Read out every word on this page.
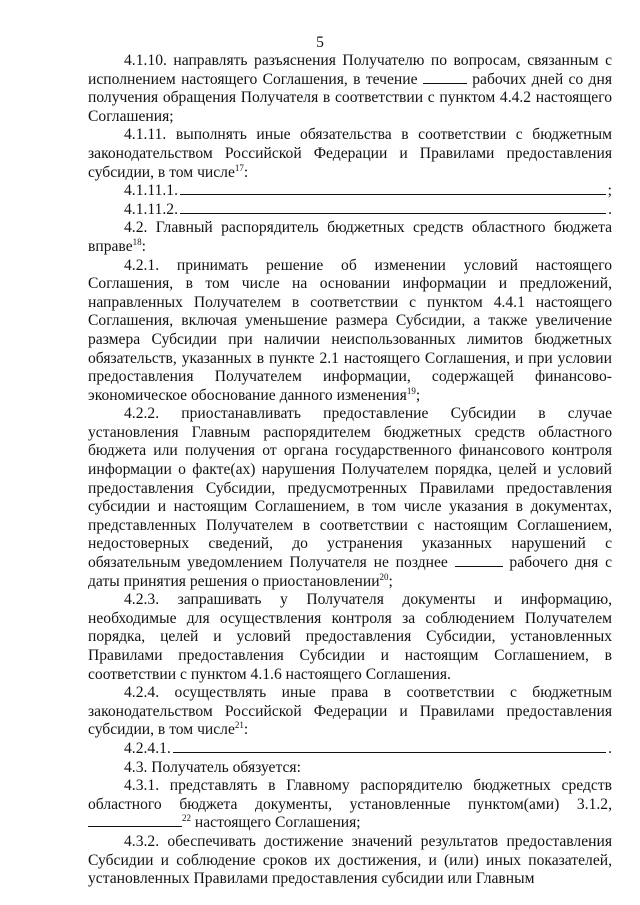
5

4.1.10. направлять разъяснения Получателю по вопросам, связанным с исполнением настоящего Соглашения, в течение	рабочих дней со дня получения обращения Получателя в соответствии с пунктом 4.4.2 настоящего Соглашения;

4.1.11. выполнять иные обязательства в соответствии с бюджетным законодательством Российской Федерации и Правилами предоставления субсидии, в том числе$^{17}$:

4.1.11.1.	;
4.1.11.2.	.

4.2. Главный распорядитель бюджетных средств областного бюджета вправе$^{18}$:

4.2.1. принимать решение об изменении условий настоящего Соглашения, в том числе на основании информации и предложений, направленных Получателем в соответствии с пунктом 4.4.1 настоящего Соглашения, включая уменьшение размера Субсидии, а также увеличение размера Субсидии при наличии неиспользованных лимитов бюджетных обязательств, указанных в пункте 2.1 настоящего Соглашения, и при условии предоставления Получателем информации, содержащей финансово-экономическое обоснование данного изменения$^{19}$;

4.2.2. приостанавливать предоставление Субсидии в случае установления Главным распорядителем бюджетных средств областного бюджета или получения от органа государственного финансового контроля информации о факте(ах) нарушения Получателем порядка, целей и условий предоставления Субсидии, предусмотренных Правилами предоставления субсидии и настоящим Соглашением, в том числе указания в документах, представленных Получателем в соответствии с настоящим Соглашением, недостоверных сведений, до устранения указанных нарушений с обязательным уведомлением Получателя не позднее	рабочего дня с даты принятия решения о приостановлении$^{20}$;

4.2.3. запрашивать у Получателя документы и информацию, необходимые для осуществления контроля за соблюдением Получателем порядка, целей и условий предоставления Субсидии, установленных Правилами предоставления Субсидии и настоящим Соглашением, в соответствии с пунктом 4.1.6 настоящего Соглашения.

4.2.4. осуществлять иные права в соответствии с бюджетным законодательством Российской Федерации и Правилами предоставления субсидии, в том числе$^{21}$:

4.2.4.1.	.

4.3. Получатель обязуется:

4.3.1. представлять в Главному распорядителю бюджетных средств областного бюджета документы, установленные пунктом(ами) 3.1.2, $^{22}$ настоящего Соглашения;

4.3.2. обеспечивать достижение значений результатов предоставления Субсидии и соблюдение сроков их достижения, и (или) иных показателей, установленных Правилами предоставления субсидии или Главным
